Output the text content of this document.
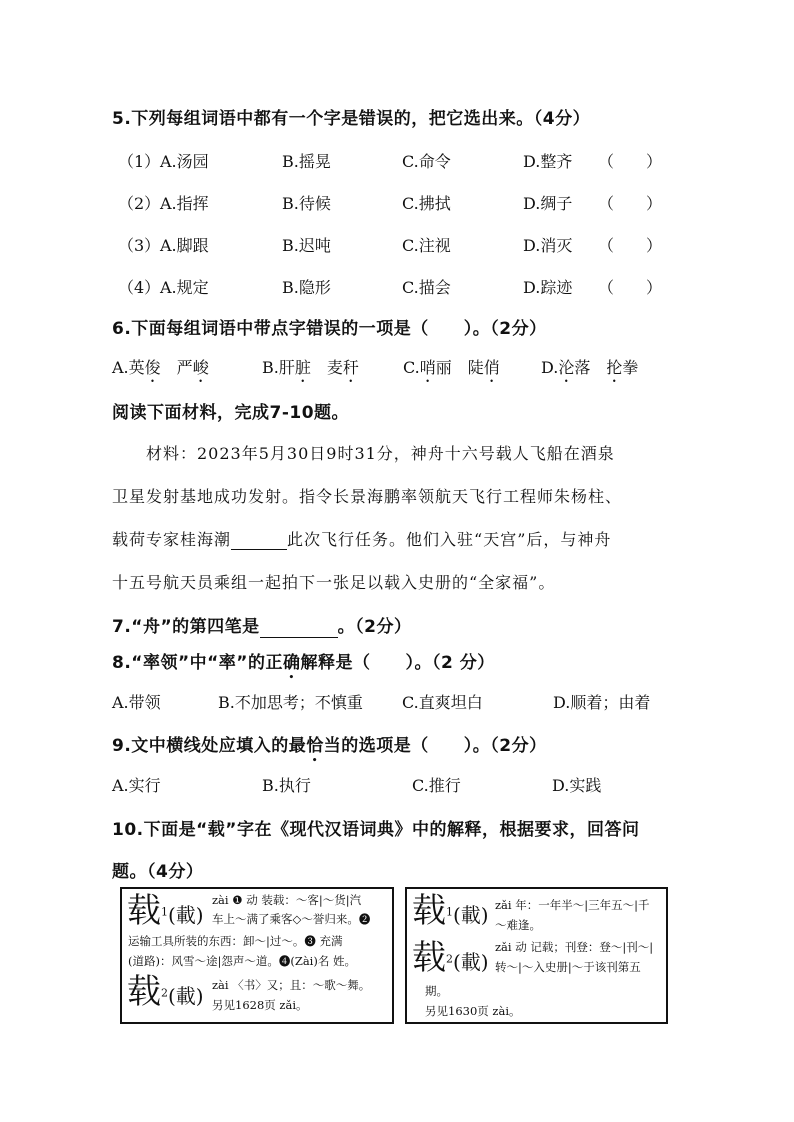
5.下列每组词语中都有一个字是错误的，把它选出来。（4分）
（1） A.汤园	B.摇晃	C.命令	D.整齐 （　　）
（2） A.指挥	B.待候	C.拂拭	D.绸子 （　　）
（3） A.脚跟	B.迟吨	C.注视	D.消灭 （　　）
（4） A.规定	B.隐形	C.描会	D.踪迹 （　　）
6.下面每组词语中带点字错误的一项是（　　）。（2分）
A.英俊　严峻	B.肝脏　麦秆	C.哨丽　陡俏	D.沦落　抡拳
阅读下面材料，完成7-10题。
材料：2023年5月30日9时31分，神舟十六号载人飞船在酒泉
卫星发射基地成功发射。指令长景海鹏率领航天飞行工程师朱杨柱、
载荷专家桂海潮	此次飞行任务。他们入驻“天宫”后，与神舟
十五号航天员乘组一起拍下一张足以载入史册的“全家福”。
7.“舟”的第四笔是	。（2分）
8.“率领”中“率”的正确解释是（　　）。（2 分）
A.带领	B.不加思考；不慎重 C.直爽坦白	D.顺着；由着
9.文中横线处应填入的最恰当的选项是（　　）。（2分）
A.实行	B.执行	C.推行	D.实践
10.下面是“载”字在《现代汉语词典》中的解释，根据要求，回答问
题。（4分）
载$^1$(載)
zài ❶ 动 装载：～客|～货|汽
车上～满了乘客◇～誉归来。❷
运输工具所装的东西：卸～|过～。❸ 充满
(道路)：风雪～途|怨声～道。❹(Zài)名 姓。
载$^2$(載) zài 〈书〉又；且：～歌～舞。
另见1628页 zǎi。
载$^1$(載) zǎi 年：一年半～|三年五～|千
～难逢。
载$^2$(載)
zǎi 动 记载；刊登：登～|刊～|
转～|～入史册|～于该刊第五
期。
另见1630页 zài。
